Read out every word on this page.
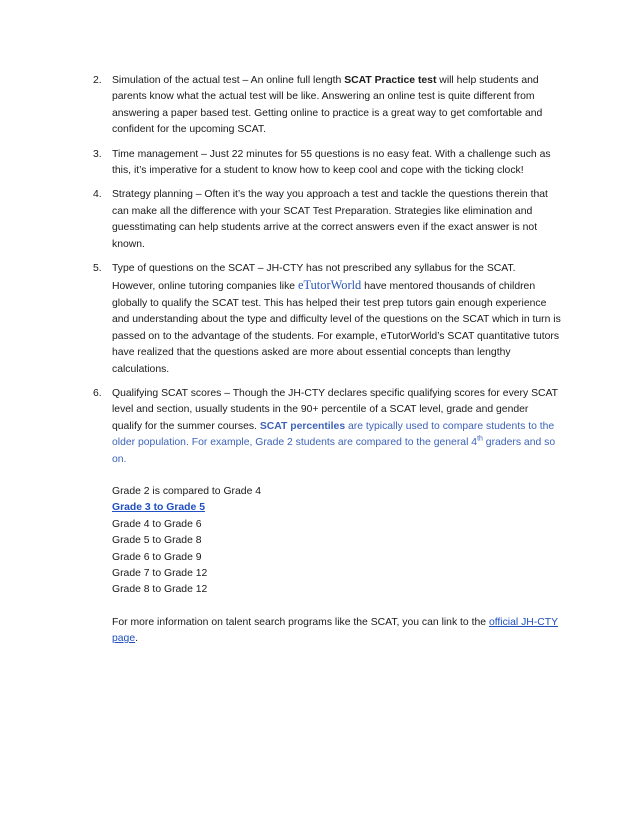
2. Simulation of the actual test – An online full length SCAT Practice test will help students and parents know what the actual test will be like. Answering an online test is quite different from answering a paper based test. Getting online to practice is a great way to get comfortable and confident for the upcoming SCAT.
3. Time management – Just 22 minutes for 55 questions is no easy feat. With a challenge such as this, it’s imperative for a student to know how to keep cool and cope with the ticking clock!
4. Strategy planning – Often it’s the way you approach a test and tackle the questions therein that can make all the difference with your SCAT Test Preparation. Strategies like elimination and guesstimating can help students arrive at the correct answers even if the exact answer is not known.
5. Type of questions on the SCAT – JH-CTY has not prescribed any syllabus for the SCAT. However, online tutoring companies like eTutorWorld have mentored thousands of children globally to qualify the SCAT test. This has helped their test prep tutors gain enough experience and understanding about the type and difficulty level of the questions on the SCAT which in turn is passed on to the advantage of the students. For example, eTutorWorld’s SCAT quantitative tutors have realized that the questions asked are more about essential concepts than lengthy calculations.
6. Qualifying SCAT scores – Though the JH-CTY declares specific qualifying scores for every SCAT level and section, usually students in the 90+ percentile of a SCAT level, grade and gender qualify for the summer courses. SCAT percentiles are typically used to compare students to the older population. For example, Grade 2 students are compared to the general 4th graders and so on.
Grade 2 is compared to Grade 4
Grade 3 to Grade 5
Grade 4 to Grade 6
Grade 5 to Grade 8
Grade 6 to Grade 9
Grade 7 to Grade 12
Grade 8 to Grade 12
For more information on talent search programs like the SCAT, you can link to the official JH-CTY page.
